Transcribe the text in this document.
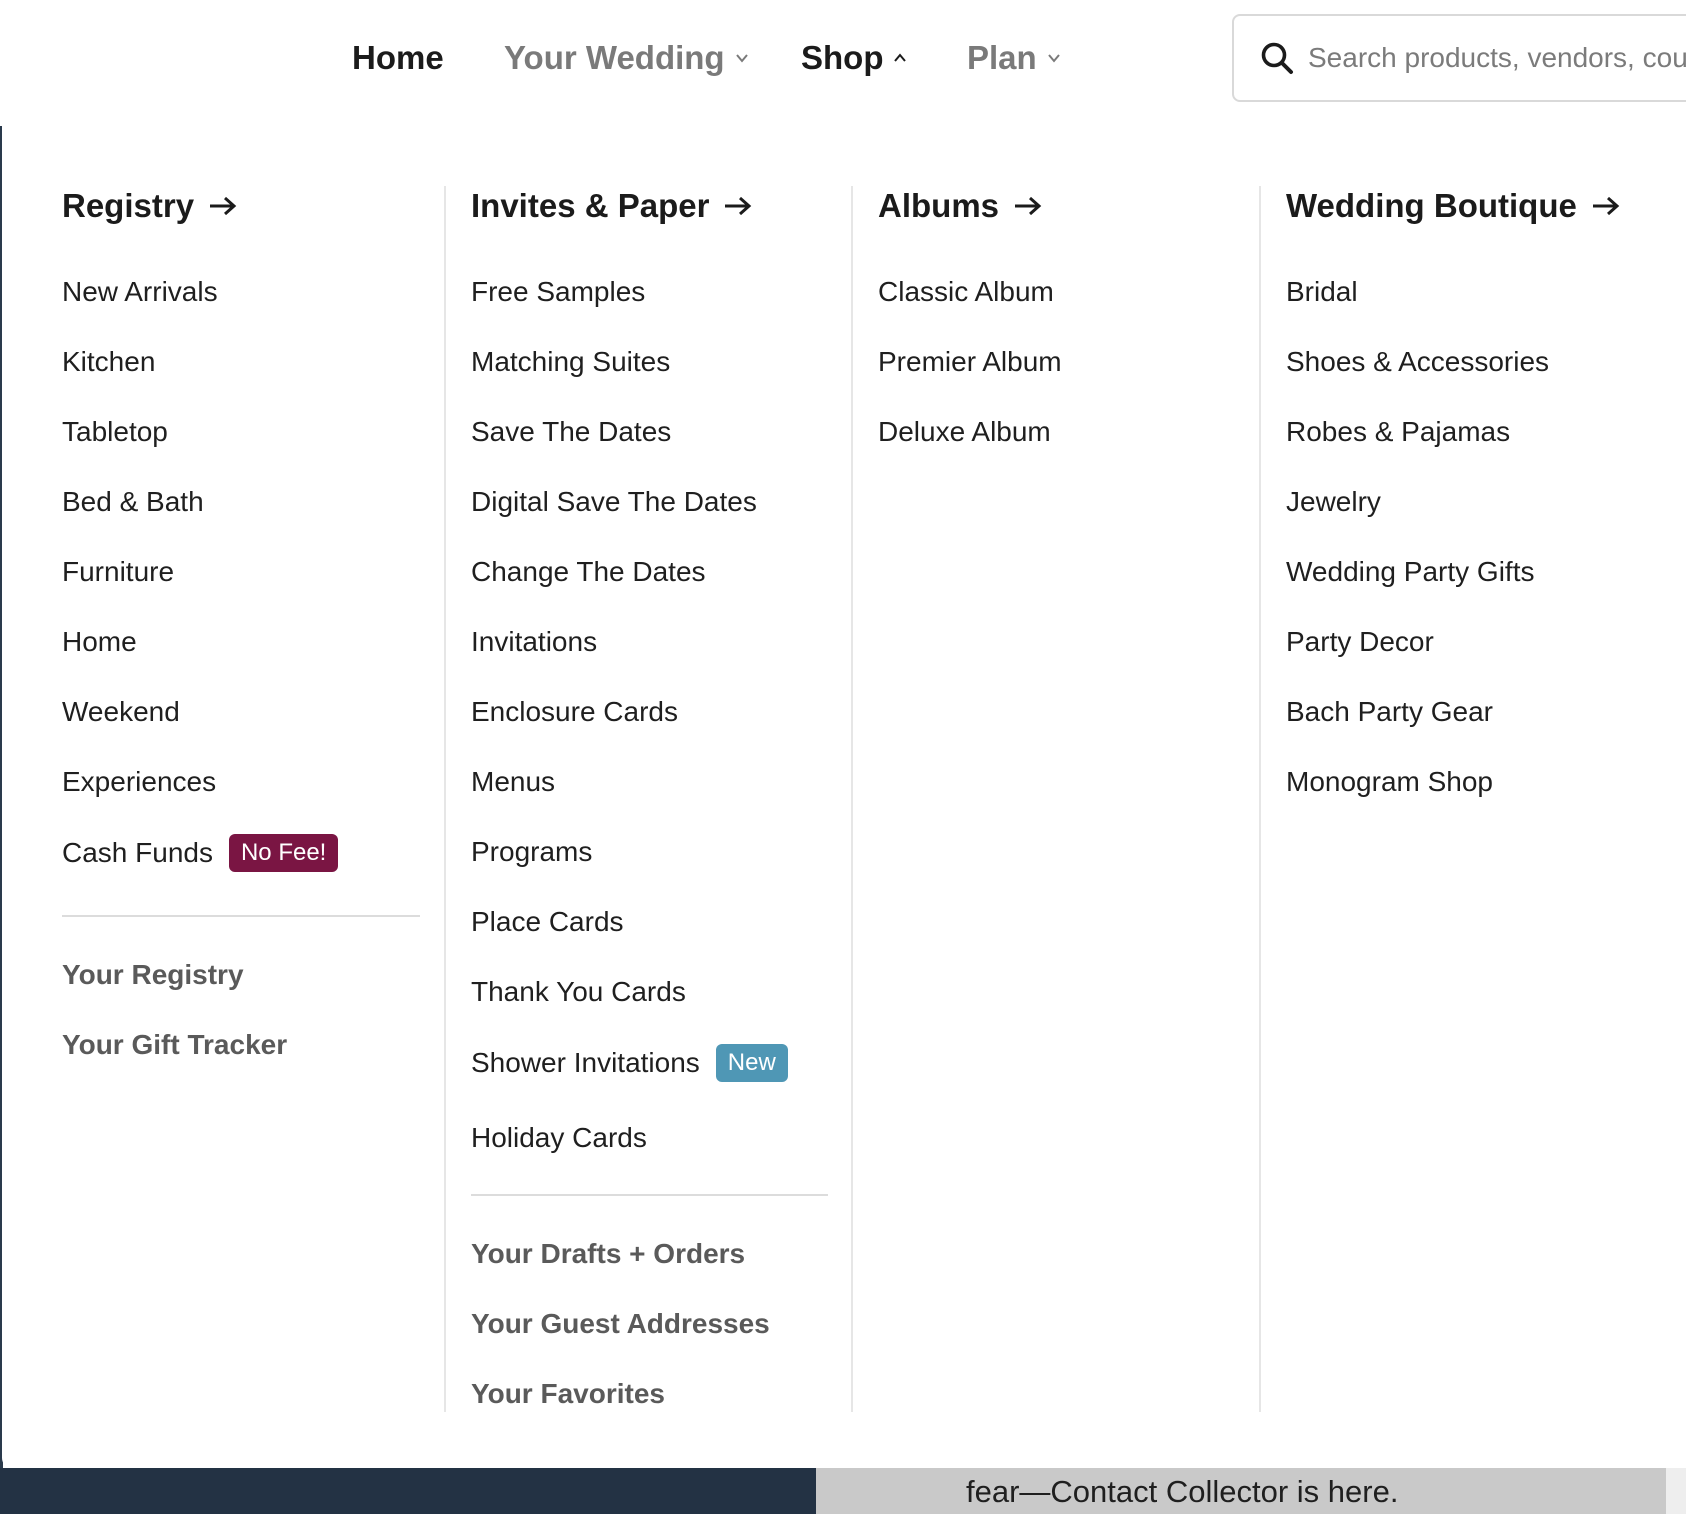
fear—Contact Collector is here.
Home Your Wedding Shop	Plan
Search products, vendors, coup
Registry
New Arrivals
Kitchen
Tabletop
Bed & Bath
Furniture
Home
Weekend
Experiences
Cash Funds	No Fee!
Your Registry
Your Gift Tracker
Invites & Paper
Free Samples
Matching Suites
Save The Dates
Digital Save The Dates
Change The Dates
Invitations
Enclosure Cards
Menus
Programs
Place Cards
Thank You Cards
Shower Invitations	New
Holiday Cards
Your Drafts + Orders
Your Guest Addresses
Your Favorites
Albums
Classic Album
Premier Album
Deluxe Album
Wedding Boutique
Bridal
Shoes & Accessories
Robes & Pajamas
Jewelry
Wedding Party Gifts
Party Decor
Bach Party Gear
Monogram Shop
